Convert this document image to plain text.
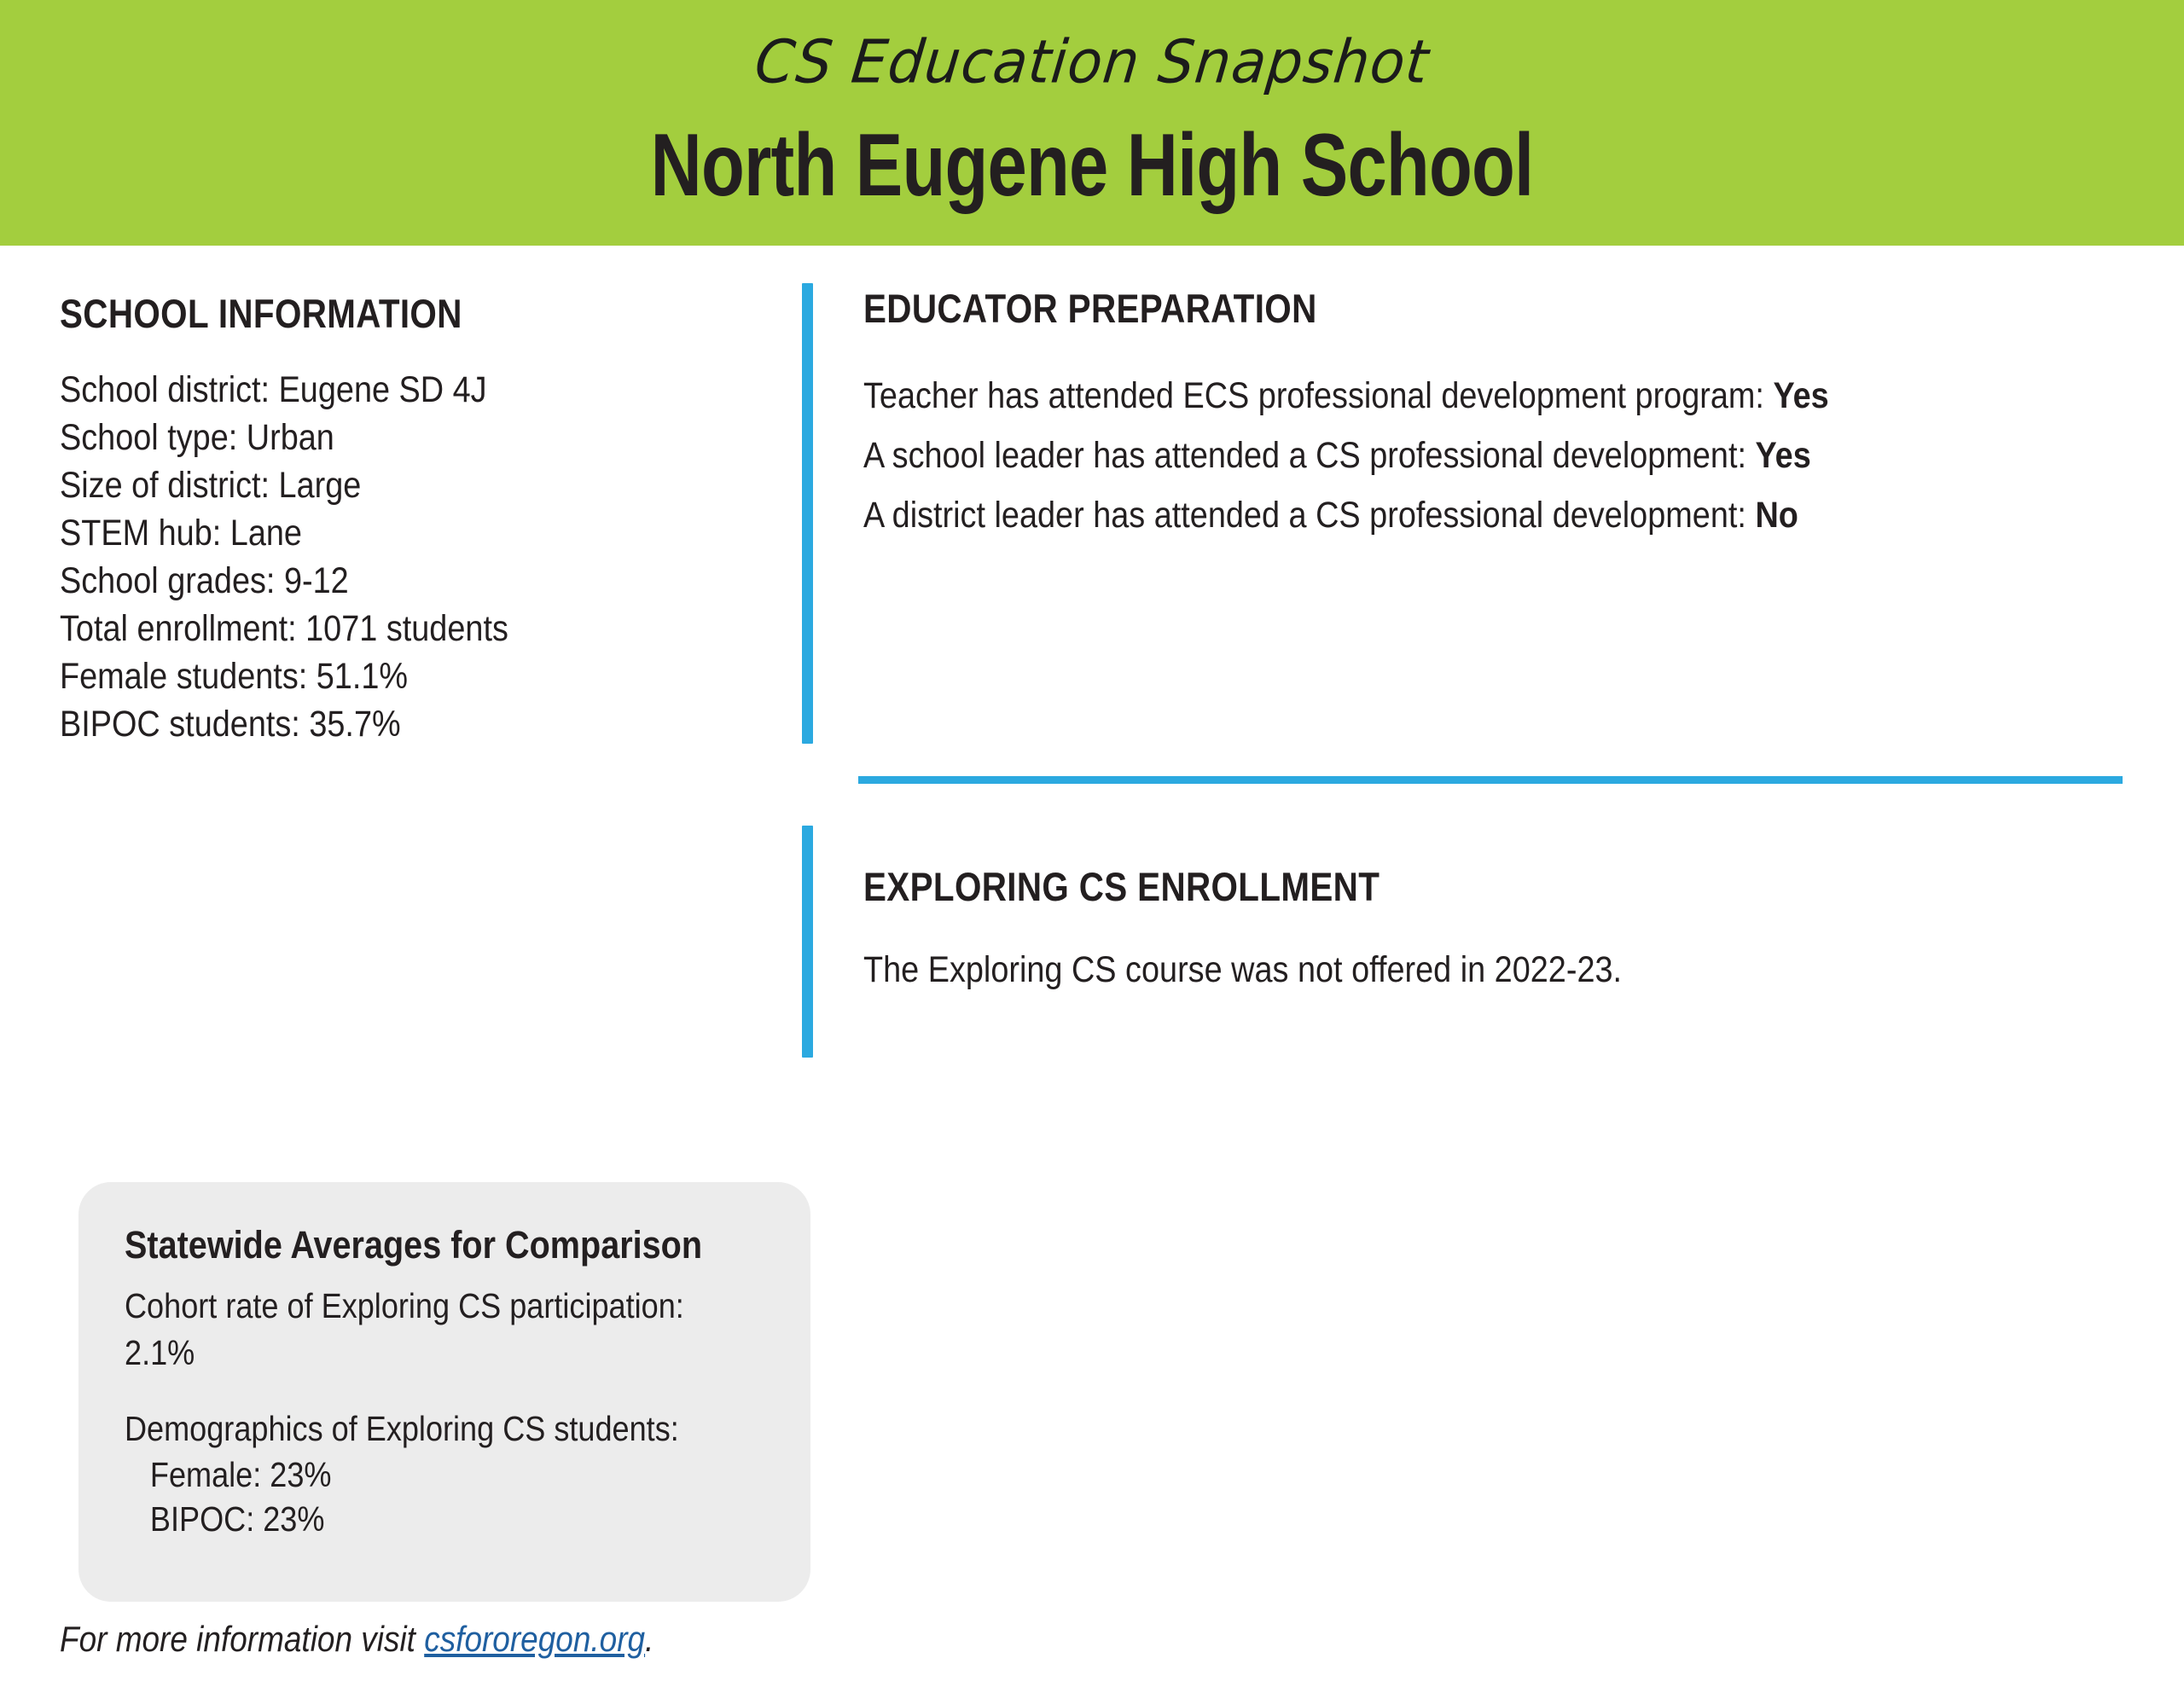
CS Education Snapshot
North Eugene High School
SCHOOL INFORMATION
School district: Eugene SD 4J
School type: Urban
Size of district: Large
STEM hub: Lane
School grades: 9-12
Total enrollment: 1071 students
Female students: 51.1%
BIPOC students: 35.7%
EDUCATOR PREPARATION
Teacher has attended ECS professional development program: Yes
A school leader has attended a CS professional development: Yes
A district leader has attended a CS professional development: No
EXPLORING CS ENROLLMENT
The Exploring CS course was not offered in 2022-23.
Statewide Averages for Comparison
Cohort rate of Exploring CS participation: 2.1%
Demographics of Exploring CS students:
Female: 23%
BIPOC: 23%
For more information visit csfororegon.org.
